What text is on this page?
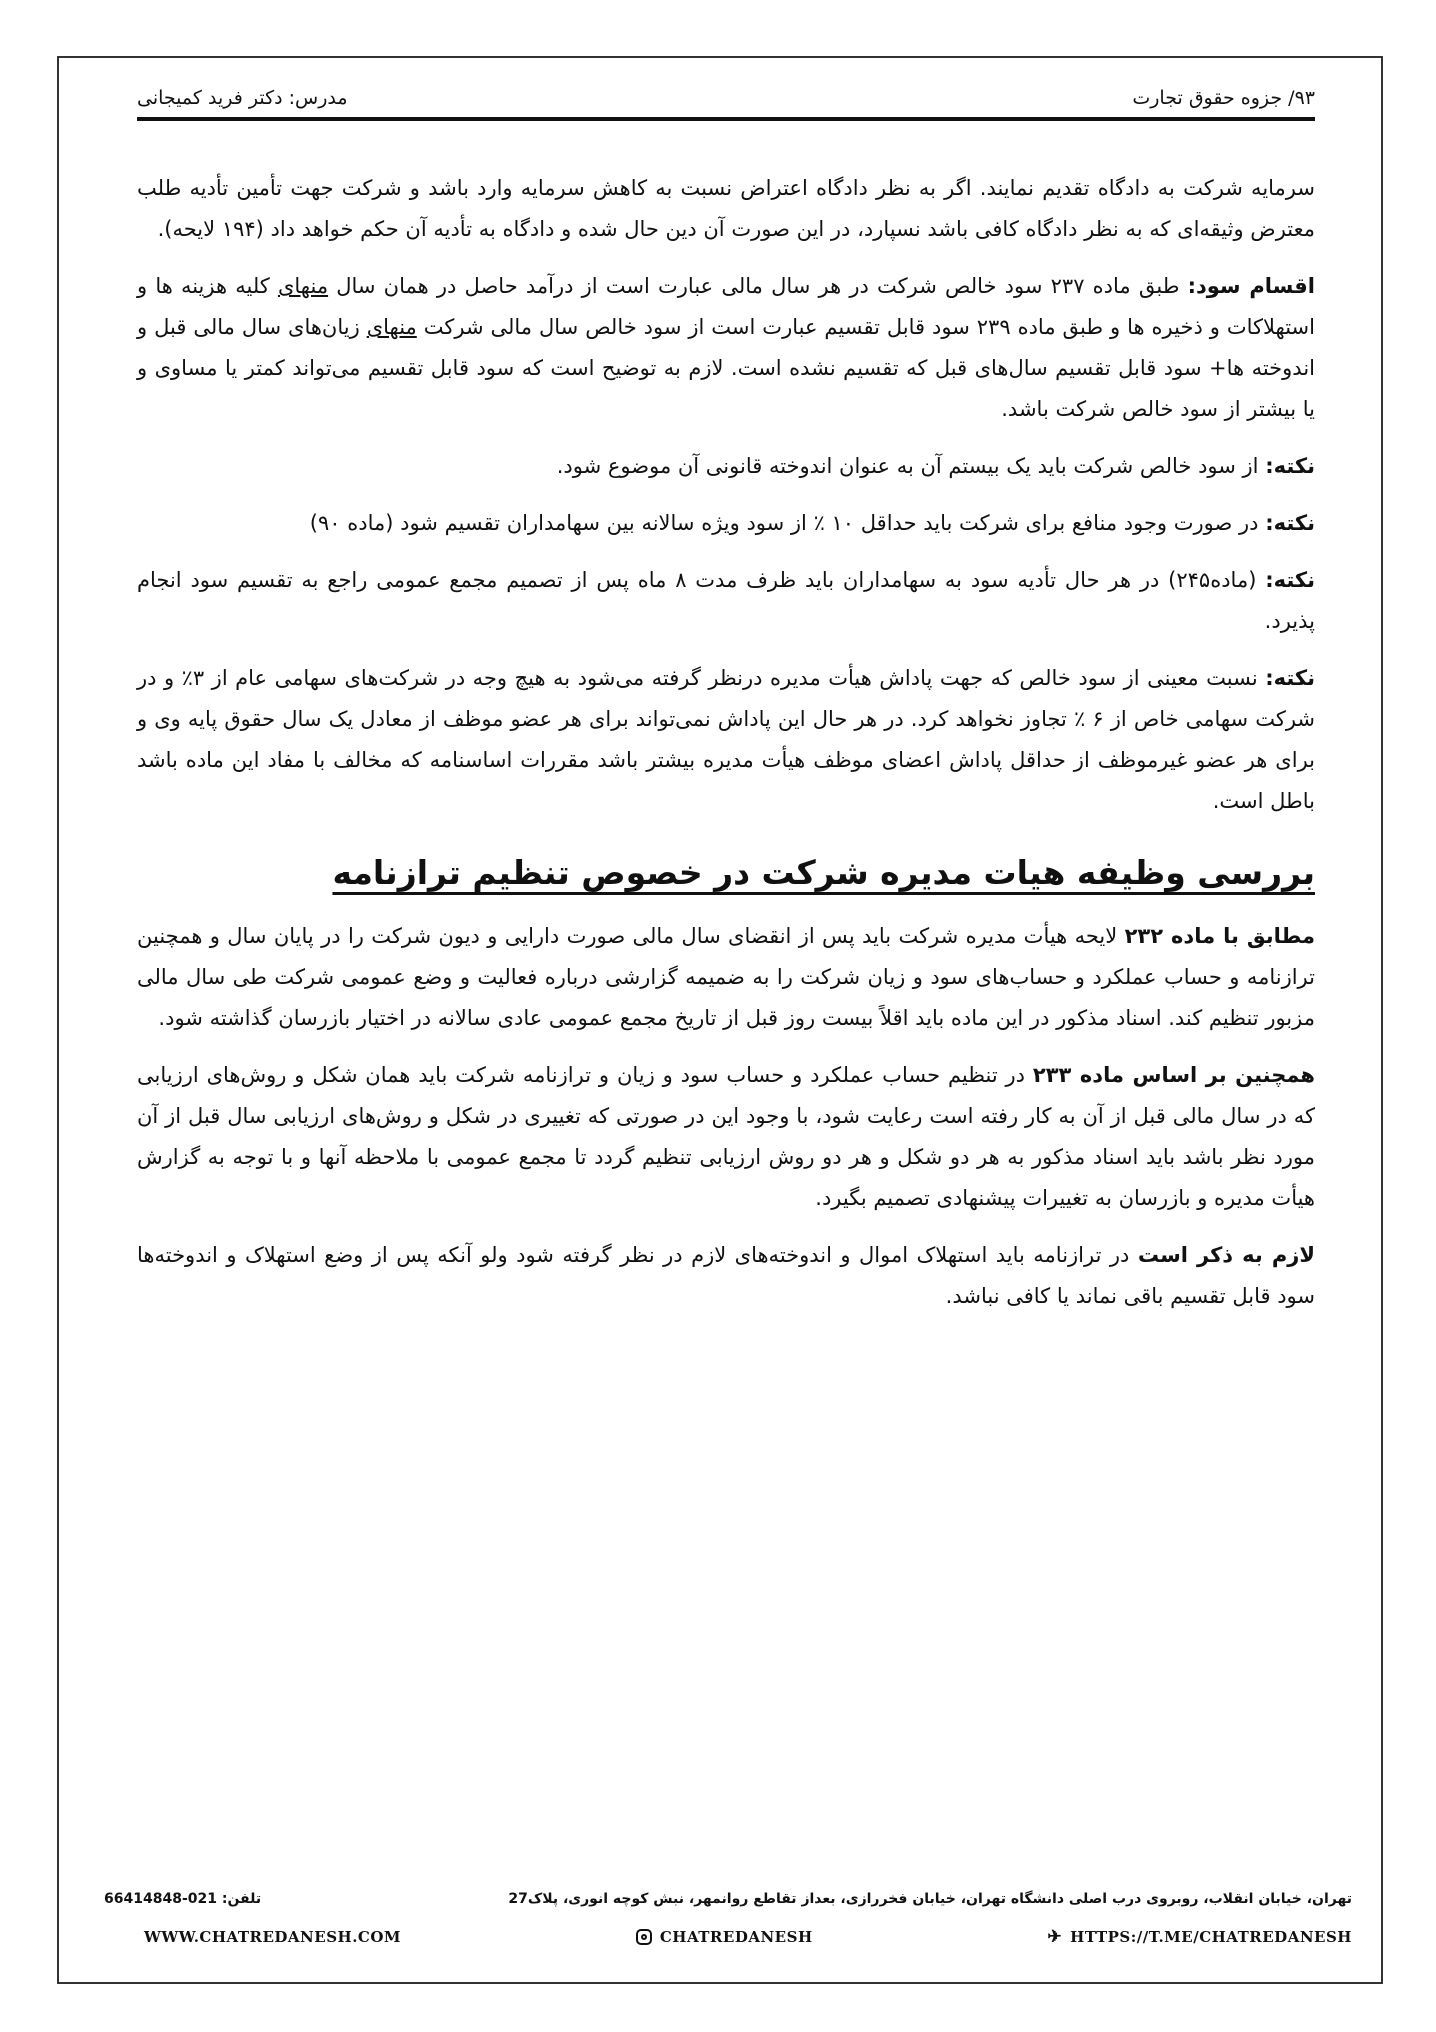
۹۳/ جزوه حقوق تجارت
مدرس: دکتر فرید کمیجانی

سرمایه شرکت به دادگاه تقدیم نمایند. اگر به نظر دادگاه اعتراض نسبت به کاهش سرمایه وارد باشد و شرکت جهت تأمین تأدیه طلب معترض وثیقه‌ای که به نظر دادگاه کافی باشد نسپارد، در این صورت آن دین حال شده و دادگاه به تأدیه آن حکم خواهد داد (۱۹۴ لایحه).

اقسام سود: طبق ماده ۲۳۷ سود خالص شرکت در هر سال مالی عبارت است از درآمد حاصل در همان سال منهای کلیه هزینه ها و استهلاکات و ذخیره ها و طبق ماده ۲۳۹ سود قابل تقسیم عبارت است از سود خالص سال مالی شرکت منهای زیان‌های سال مالی قبل و اندوخته ها+ سود قابل تقسیم سال‌های قبل که تقسیم نشده است. لازم به توضیح است که سود قابل تقسیم می‌تواند کمتر یا مساوی و یا بیشتر از سود خالص شرکت باشد.

نکته: از سود خالص شرکت باید یک بیستم آن به عنوان اندوخته قانونی آن موضوع شود.

نکته: در صورت وجود منافع برای شرکت باید حداقل ۱۰ ٪ از سود ویژه سالانه بین سهامداران تقسیم شود (ماده ۹۰)

نکته: (ماده۲۴۵) در هر حال تأدیه سود به سهامداران باید ظرف مدت ۸ ماه پس از تصمیم مجمع عمومی راجع به تقسیم سود انجام پذیرد.

نکته: نسبت معینی از سود خالص که جهت پاداش هیأت مدیره درنظر گرفته می‌شود به هیچ وجه در شرکت‌های سهامی عام از ۳٪ و در شرکت سهامی خاص از ۶ ٪ تجاوز نخواهد کرد. در هر حال این پاداش نمی‌تواند برای هر عضو موظف از معادل یک سال حقوق پایه وی و برای هر عضو غیرموظف از حداقل پاداش اعضای موظف هیأت مدیره بیشتر باشد مقررات اساسنامه که مخالف با مفاد این ماده باشد باطل است.

بررسی وظیفه هیات مدیره شرکت در خصوص تنظیم ترازنامه

مطابق با ماده ۲۳۲ لایحه هیأت مدیره شرکت باید پس از انقضای سال مالی صورت دارایی و دیون شرکت را در پایان سال و همچنین ترازنامه و حساب عملکرد و حساب‌های سود و زیان شرکت را به ضمیمه گزارشی درباره فعالیت و وضع عمومی شرکت طی سال مالی مزبور تنظیم کند. اسناد مذکور در این ماده باید اقلاً بیست روز قبل از تاریخ مجمع عمومی عادی سالانه در اختیار بازرسان گذاشته شود.

همچنین بر اساس ماده ۲۳۳ در تنظیم حساب عملکرد و حساب سود و زیان و ترازنامه شرکت باید همان شکل و روش‌های ارزیابی که در سال مالی قبل از آن به کار رفته است رعایت شود، با وجود این در صورتی که تغییری در شکل و روش‌های ارزیابی سال قبل از آن مورد نظر باشد باید اسناد مذکور به هر دو شکل و هر دو روش ارزیابی تنظیم گردد تا مجمع عمومی با ملاحظه آنها و با توجه به گزارش هیأت مدیره و بازرسان به تغییرات پیشنهادی تصمیم بگیرد.

لازم به ذکر است در ترازنامه باید استهلاک اموال و اندوخته‌های لازم در نظر گرفته شود ولو آنکه پس از وضع استهلاک و اندوخته‌ها سود قابل تقسیم باقی نماند یا کافی نباشد.

تهران، خیابان انقلاب، روبروی درب اصلی دانشگاه تهران، خیابان فخررازی، بعداز تقاطع روانمهر، نبش کوچه انوری، پلاک27
تلفن: 021-66414848
WWW.CHATREDANESH.COM	CHATREDANESH	✈ HTTPS://T.ME/CHATREDANESH
